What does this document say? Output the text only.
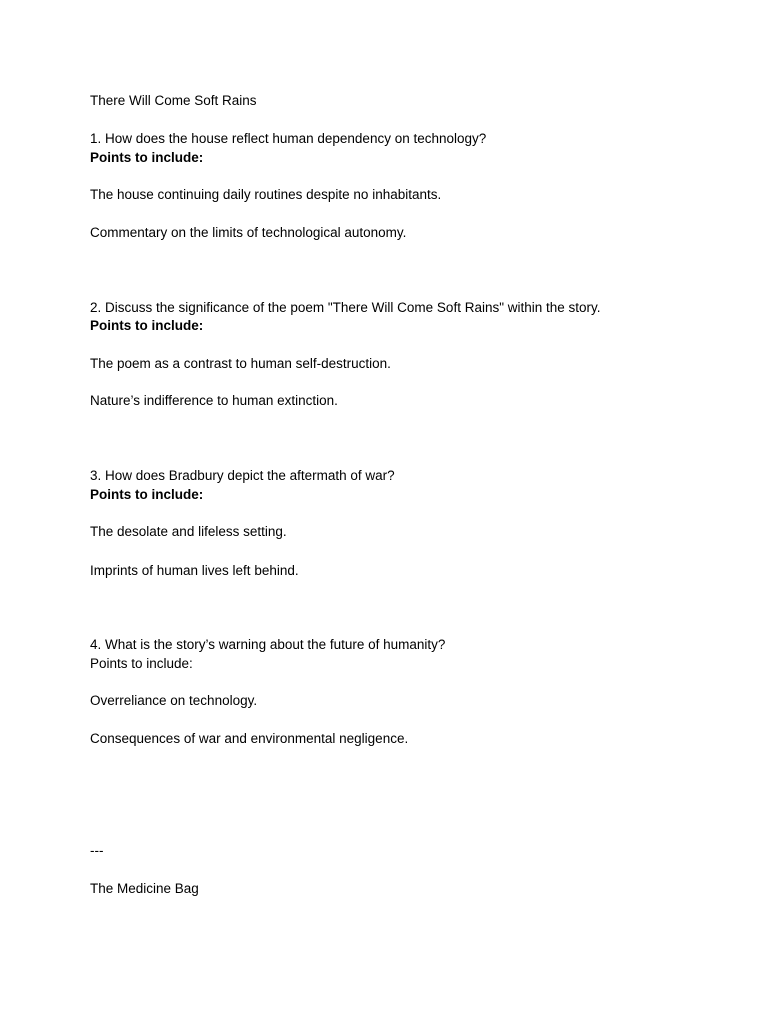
There Will Come Soft Rains
1. How does the house reflect human dependency on technology?
Points to include:
The house continuing daily routines despite no inhabitants.
Commentary on the limits of technological autonomy.
2. Discuss the significance of the poem "There Will Come Soft Rains" within the story.
Points to include:
The poem as a contrast to human self-destruction.
Nature’s indifference to human extinction.
3. How does Bradbury depict the aftermath of war?
Points to include:
The desolate and lifeless setting.
Imprints of human lives left behind.
4. What is the story’s warning about the future of humanity?
Points to include:
Overreliance on technology.
Consequences of war and environmental negligence.
---
The Medicine Bag
